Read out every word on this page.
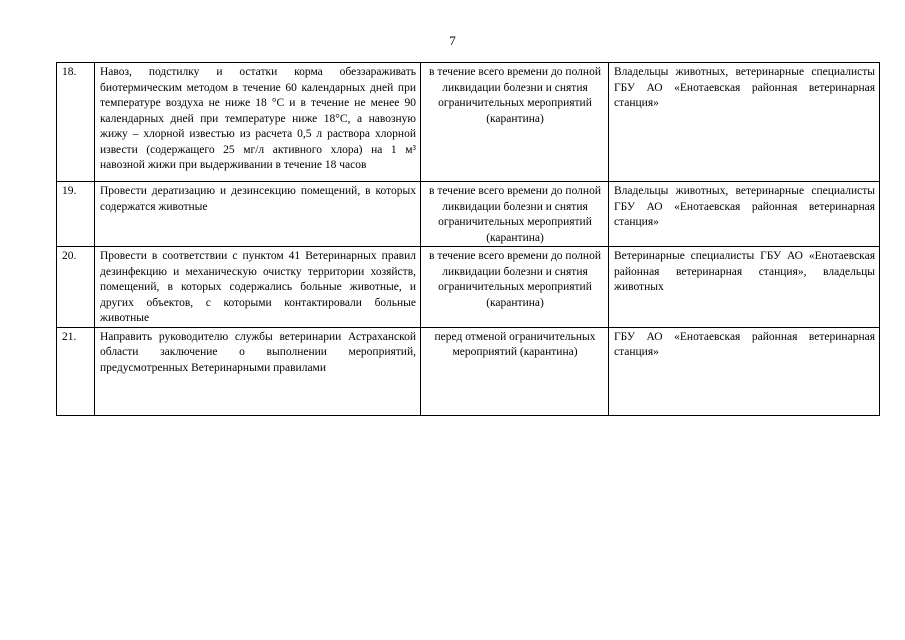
7
18.	Навоз, подстилку и остатки корма обеззараживать биотермическим методом в течение 60 календарных дней при температуре воздуха не ниже 18 °С и в течение не менее 90 календарных дней при температуре ниже 18°С, а навозную жижу – хлорной известью из расчета 0,5 л раствора хлорной извести (содержащего 25 мг/л активного хлора) на 1 м³ навозной жижи при выдерживании в течение 18 часов	в течение всего времени до полной ликвидации болезни и снятия ограничительных мероприятий (карантина)	Владельцы животных, ветеринарные специалисты ГБУ АО «Енотаевская районная ветеринарная станция»
19.	Провести дератизацию и дезинсекцию помещений, в которых содержатся животные	в течение всего времени до полной ликвидации болезни и снятия ограничительных мероприятий (карантина)	Владельцы животных, ветеринарные специалисты ГБУ АО «Енотаевская районная ветеринарная станция»
20.	Провести в соответствии с пунктом 41 Ветеринарных правил дезинфекцию и механическую очистку территории хозяйств, помещений, в которых содержались больные животные, и других объектов, с которыми контактировали больные животные	в течение всего времени до полной ликвидации болезни и снятия ограничительных мероприятий (карантина)	Ветеринарные специалисты ГБУ АО «Енотаевская районная ветеринарная станция», владельцы животных
21.	Направить руководителю службы ветеринарии Астраханской области заключение о выполнении мероприятий, предусмотренных Ветеринарными правилами	перед отменой ограничительных мероприятий (карантина)	ГБУ АО «Енотаевская районная ветеринарная станция»
